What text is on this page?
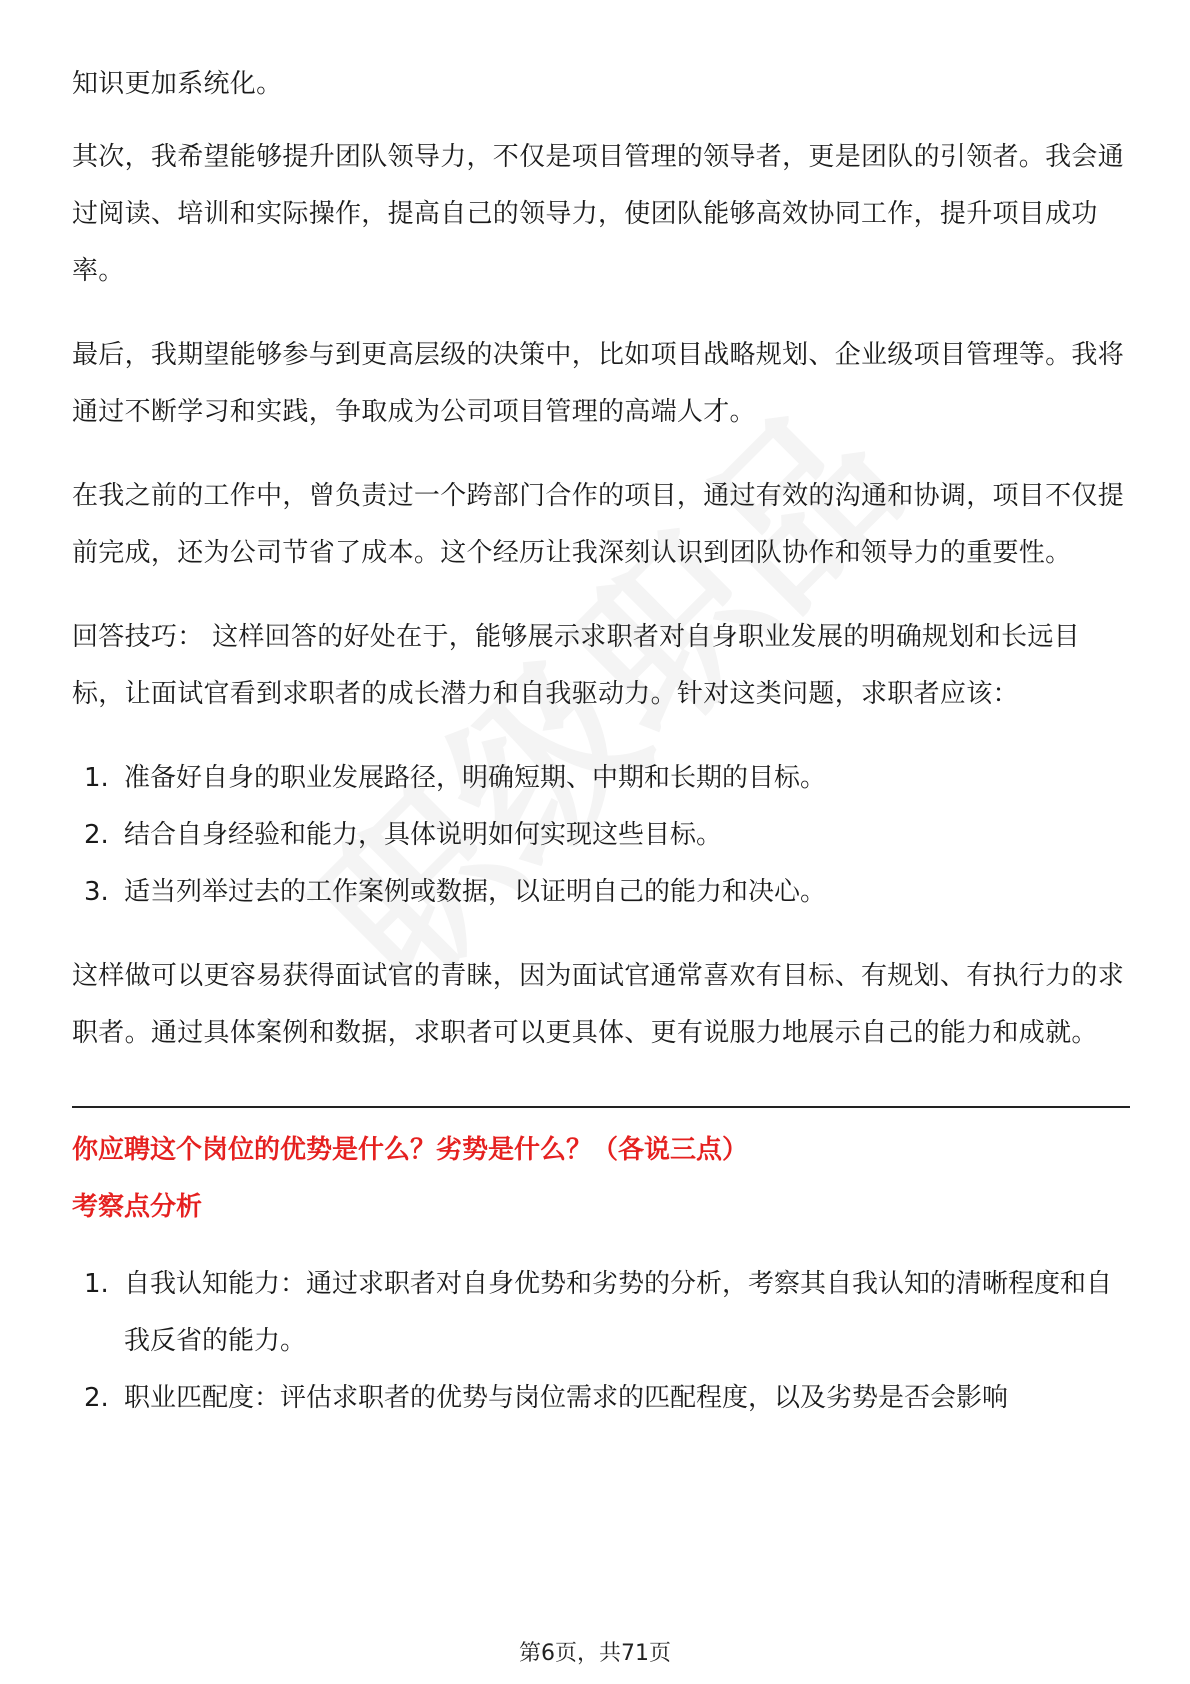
知识更加系统化。

其次，我希望能够提升团队领导力，不仅是项目管理的领导者，更是团队的引领者。我会通过阅读、培训和实际操作，提高自己的领导力，使团队能够高效协同工作，提升项目成功率。

最后，我期望能够参与到更高层级的决策中，比如项目战略规划、企业级项目管理等。我将通过不断学习和实践，争取成为公司项目管理的高端人才。

在我之前的工作中，曾负责过一个跨部门合作的项目，通过有效的沟通和协调，项目不仅提前完成，还为公司节省了成本。这个经历让我深刻认识到团队协作和领导力的重要性。

回答技巧： 这样回答的好处在于，能够展示求职者对自身职业发展的明确规划和长远目标，让面试官看到求职者的成长潜力和自我驱动力。针对这类问题，求职者应该：

1. 准备好自身的职业发展路径，明确短期、中期和长期的目标。
2. 结合自身经验和能力，具体说明如何实现这些目标。
3. 适当列举过去的工作案例或数据，以证明自己的能力和决心。

这样做可以更容易获得面试官的青睐，因为面试官通常喜欢有目标、有规划、有执行力的求职者。通过具体案例和数据，求职者可以更具体、更有说服力地展示自己的能力和成就。

你应聘这个岗位的优势是什么？劣势是什么？（各说三点）

考察点分析

1. 自我认知能力：通过求职者对自身优势和劣势的分析，考察其自我认知的清晰程度和自我反省的能力。
2. 职业匹配度：评估求职者的优势与岗位需求的匹配程度，以及劣势是否会影响
第6页，共71页
